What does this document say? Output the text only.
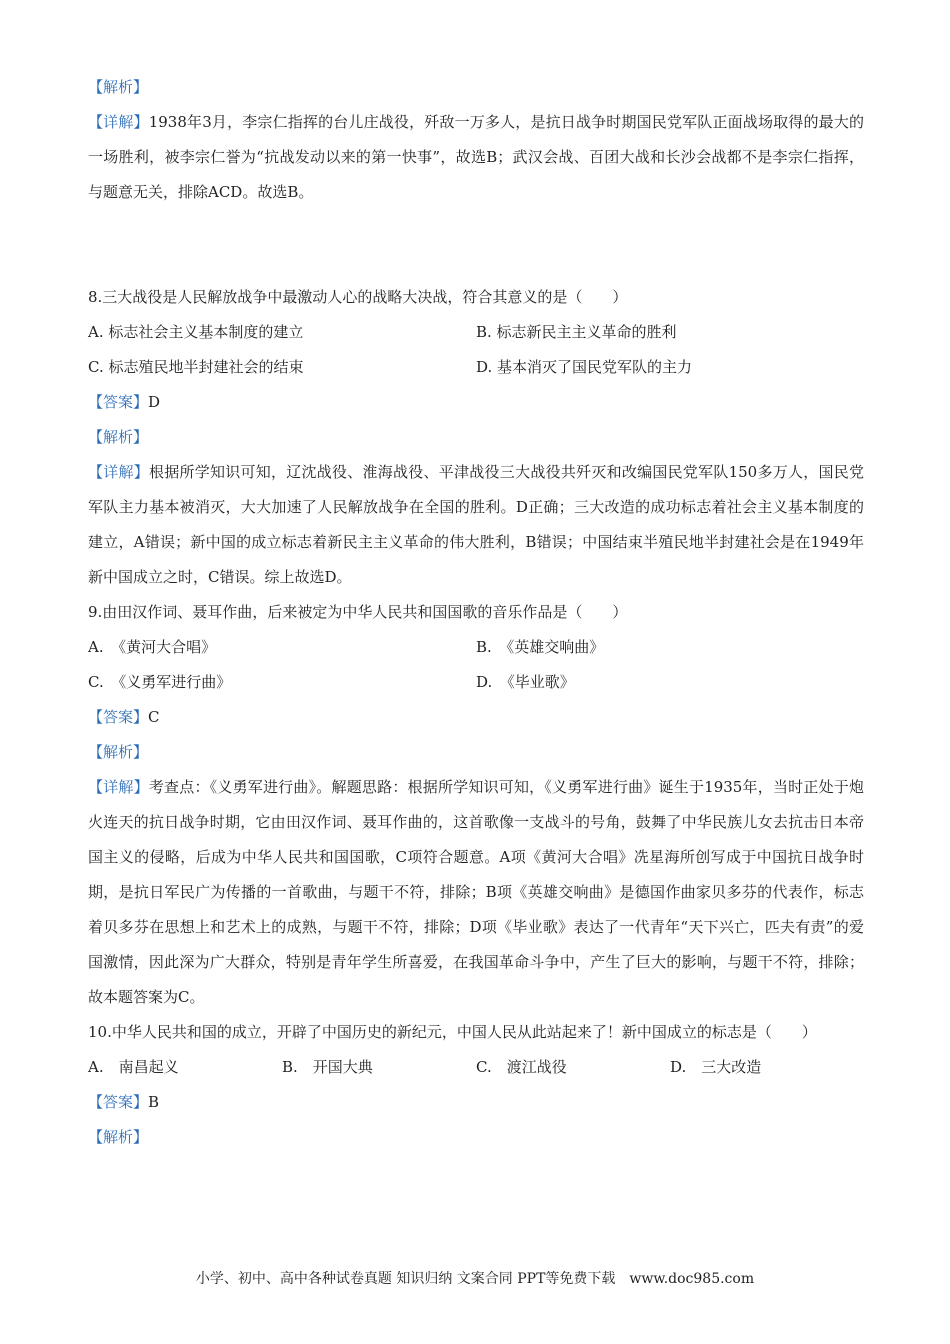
【解析】
【详解】1938年3月，李宗仁指挥的台儿庄战役，歼敌一万多人，是抗日战争时期国民党军队正面战场取得的最大的一场胜利，被李宗仁誉为“抗战发动以来的第一快事”，故选B；武汉会战、百团大战和长沙会战都不是李宗仁指挥，与题意无关，排除ACD。故选B。
8.三大战役是人民解放战争中最激动人心的战略大决战，符合其意义的是（　　）
A. 标志社会主义基本制度的建立	B. 标志新民主主义革命的胜利
C. 标志殖民地半封建社会的结束	D. 基本消灭了国民党军队的主力
【答案】D
【解析】
【详解】根据所学知识可知，辽沈战役、淮海战役、平津战役三大战役共歼灭和改编国民党军队150多万人，国民党军队主力基本被消灭，大大加速了人民解放战争在全国的胜利。D正确；三大改造的成功标志着社会主义基本制度的建立，A错误；新中国的成立标志着新民主主义革命的伟大胜利，B错误；中国结束半殖民地半封建社会是在1949年新中国成立之时，C错误。综上故选D。
9.由田汉作词、聂耳作曲，后来被定为中华人民共和国国歌的音乐作品是（　　）
A.　《黄河大合唱》	B.　《英雄交响曲》
C.　《义勇军进行曲》	D.　《毕业歌》
【答案】C
【解析】
【详解】考查点：《义勇军进行曲》。解题思路：根据所学知识可知，《义勇军进行曲》诞生于1935年，当时正处于炮火连天的抗日战争时期，它由田汉作词、聂耳作曲的，这首歌像一支战斗的号角，鼓舞了中华民族儿女去抗击日本帝国主义的侵略，后成为中华人民共和国国歌，C项符合题意。A项《黄河大合唱》冼星海所创写成于中国抗日战争时期，是抗日军民广为传播的一首歌曲，与题干不符，排除；B项《英雄交响曲》是德国作曲家贝多芬的代表作，标志着贝多芬在思想上和艺术上的成熟，与题干不符，排除；D项《毕业歌》表达了一代青年“天下兴亡，匹夫有责”的爱国激情，因此深为广大群众，特别是青年学生所喜爱，在我国革命斗争中，产生了巨大的影响，与题干不符，排除；故本题答案为C。
10.中华人民共和国的成立，开辟了中国历史的新纪元，中国人民从此站起来了！新中国成立的标志是（　　）
A.　南昌起义	B.　开国大典	C.　渡江战役	D.　三大改造
【答案】B
【解析】
小学、初中、高中各种试卷真题 知识归纳 文案合同 PPT等免费下载　www.doc985.com
